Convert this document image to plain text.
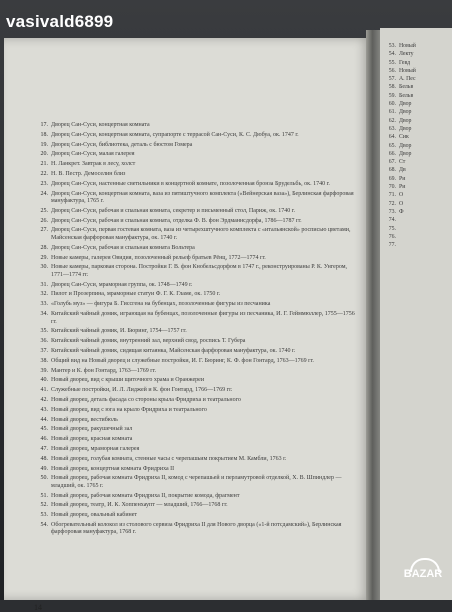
17. Дворец Сан-Суси, концертная комната
18. Дворец Сан-Суси, концертная комната, супрапорте с террасой Сан-Суси, К. С. Дюбуа, ок. 1747 г.
19. Дворец Сан-Суси, библиотека, деталь с бюстом Гомера
20. Дворец Сан-Суси, малая галерея
21. Н. Ланкрет. Завтрак в лесу, холст
22. Н. В. Пестр. Демоселин близ
23. Дворец Сан-Суси, настенные светильники в концертной комнате, позолоченная бронза Брудельбь, ок. 1740 г.
24. Дворец Сан-Суси, концертная комната, ваза из пятиштучного комплекта («Вейнерская ваза»), Берлинская фарфоровая мануфактура, 1765 г.
25. Дворец Сан-Суси, рабочая и спальная комната, секретер и письменный стол, Париж, ок. 1740 г.
26. Дворец Сан-Суси, рабочая и спальная комната, отделка Ф. В. фон Эрдманнсдорфа, 1786—1787 гг.
27. Дворец Сан-Суси, первая гостевая комната, ваза из четырехштучного комплекта с «итальянской» росписью цветами, Майсенская фарфоровая мануфактура, ок. 1740 г.
28. Дворец Сан-Суси, рабочая и спальная комната Вольтера
29. Новые камеры, галерея Овидия, позолоченный рельеф братьев Рёнц, 1772—1774 гг.
30. Новые камеры, парковая сторона. Постройки Г. В. фон Кнобельсдорфом в 1747 г., реконструированы Р. К. Унгером, 1771—1774 гг.
31. Дворец Сан-Суси, мраморная группа, ок. 1748—1749 г.
32. Пилот и Прозерпина, мраморные статуи Ф. Г. К. Гламе, ок. 1750 г.
33. «Голубь муз» — фигура Б. Гиссгена на бубенцах, позолоченные фигуры из песчаника
34. Китайский чайный домик, играющая на бубенцах, позолоченные фигуры из песчаника, И. Г. Гейммюллер, 1755—1756 гг.
35. Китайский чайный домик, И. Бюринг, 1754—1757 гг.
36. Китайский чайный домик, внутренний зал, верхний свод, роспись Т. Губера
37. Китайский чайный домик, сидящая китаянка, Майсенская фарфоровая мануфактура, ок. 1740 г.
38. Общий вид на Новый дворец и служебные постройки, И. Г. Бюринг, К. Ф. фон Гонтард, 1763—1769 гг.
39. Мантер и К. фон Гонтард, 1763—1769 гг.
40. Новый дворец, вид с крыши щиточного храма и Оранжереи
41. Служебные постройки, И. Л. Лиджей и К. фон Гонтард, 1766—1769 гг.
42. Новый дворец, деталь фасада со стороны крыла Фридриха и театрального
43. Новый дворец, вид с юга на крыло Фридриха и театрального
44. Новый дворец, вестибюль
45. Новый дворец, ракушечный зал
46. Новый дворец, красная комната
47. Новый дворец, мраморная галерея
48. Новый дворец, голубая комната, стенные часы с черепашьим покрытием М. Камбли, 1763 г.
49. Новый дворец, концертная комната Фридриха II
50. Новый дворец, рабочая комната Фридриха II, комод с черепашьей и перламутровой отделкой, Х. В. Шпиндлер — младший, ок. 1765 г.
51. Новый дворец, рабочая комната Фридриха II, покрытие комода, фрагмент
52. Новый дворец, театр, И. К. Хоппенхаупт — младший, 1766—1768 гг.
53. Новый дворец, овальный кабинет
54. Обогревательный колокол из столового сервиза Фридриха II для Нового дворца («1-й потсдамский»), Берлинская фарфоровая мануфактура, 1768 г.
14
53. Новый
54. Лекту
55. Гевд
56. Новый
57. А. Пес
58. Бельв
59. Бельв
60. Двор
61. Двор
62. Двор
63. Двор
64. Сик
65. Двор
66. Двор
67. Ст
68. Дв
69. Ри
70. Ри
71. О
72. О
73. Ф
74.
75.
76.
77.
vasivald6899
BAZAR
